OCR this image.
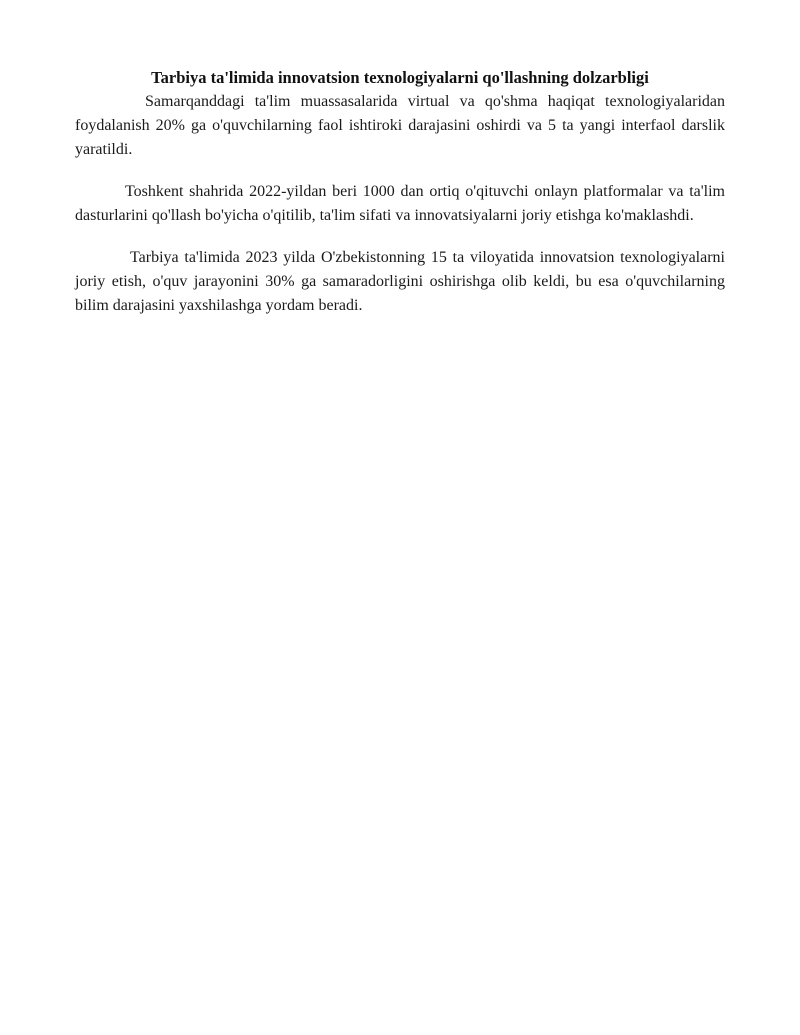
Tarbiya ta'limida innovatsion texnologiyalarni qo'llashning dolzarbligi

Samarqanddagi ta'lim muassasalarida virtual va qo'shma haqiqat texnologiyalaridan foydalanish 20% ga o'quvchilarning faol ishtiroki darajasini oshirdi va 5 ta yangi interfaol darslik yaratildi.

Toshkent shahrida 2022-yildan beri 1000 dan ortiq o'qituvchi onlayn platformalar va ta'lim dasturlarini qo'llash bo'yicha o'qitilib, ta'lim sifati va innovatsiyalarni joriy etishga ko'maklashdi.

Tarbiya ta'limida 2023 yilda O'zbekistonning 15 ta viloyatida innovatsion texnologiyalarni joriy etish, o'quv jarayonini 30% ga samaradorligini oshirishga olib keldi, bu esa o'quvchilarning bilim darajasini yaxshilashga yordam beradi.
